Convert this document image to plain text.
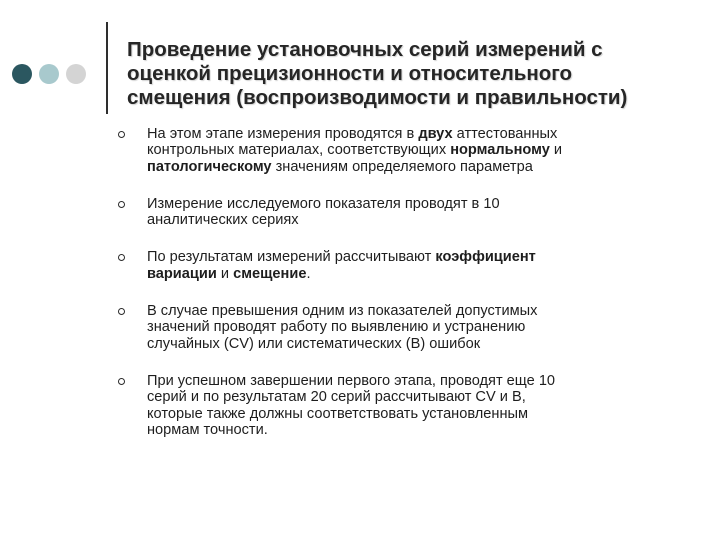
Проведение установочных серий измерений с
оценкой прецизионности и относительного
смещения (воспроизводимости и правильности)
На этом этапе измерения проводятся в двух аттестованных
контрольных материалах, соответствующих нормальному и
патологическому значениям определяемого параметра
Измерение исследуемого показателя проводят в 10
аналитических сериях
По результатам измерений рассчитывают коэффициент
вариации и смещение.
В случае превышения одним из показателей допустимых
значений проводят работу по выявлению и устранению
случайных (CV) или систематических (B) ошибок
При успешном завершении первого этапа, проводят еще 10
серий и по результатам 20 серий рассчитывают CV и B,
которые также должны соответствовать установленным
нормам точности.
